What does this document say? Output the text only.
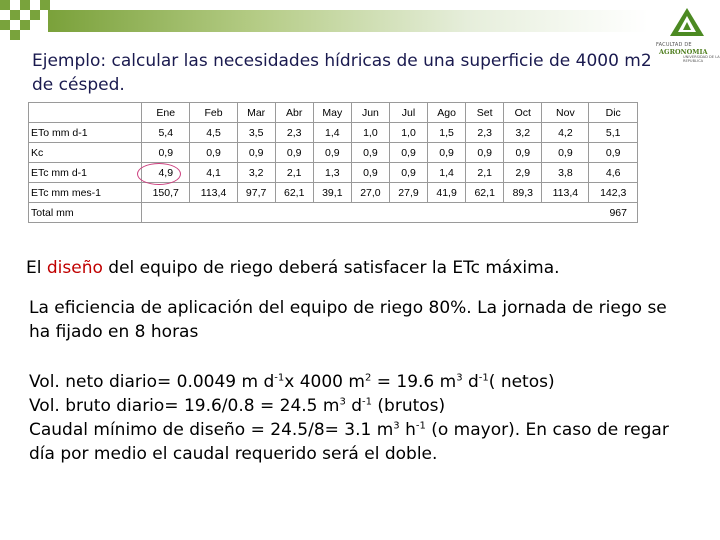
FACULTAD DE
AGRONOMIA
UNIVERSIDAD DE LA REPUBLICA
Ejemplo: calcular las necesidades hídricas de una superficie de 4000 m2 de césped.
	Ene	Feb	Mar	Abr	May	Jun	Jul	Ago	Set	Oct	Nov	Dic
ETo mm d-1	5,4	4,5	3,5	2,3	1,4	1,0	1,0	1,5	2,3	3,2	4,2	5,1
Kc	0,9	0,9	0,9	0,9	0,9	0,9	0,9	0,9	0,9	0,9	0,9	0,9
ETc mm d-1	4,9	4,1	3,2	2,1	1,3	0,9	0,9	1,4	2,1	2,9	3,8	4,6
ETc mm mes-1	150,7	113,4	97,7	62,1	39,1	27,0	27,9	41,9	62,1	89,3	113,4	142,3
Total mm	967											
El diseño del equipo de riego deberá satisfacer la ETc máxima.
La eficiencia de aplicación del equipo de riego 80%. La jornada de riego se ha fijado en 8 horas
Vol. neto diario= 0.0049 m $d^{-1}x$ 4000 $m^2 = 19.6$ $m^3$ $d^{-1}$( netos)
Vol. bruto diario= 19.6/0.8 = 24.5 $m^3$ $d^{-1}$ (brutos)
Caudal mínimo de diseño = 24.5/8= 3.1 $m^3$ $h^{-1}$ (o mayor). En caso de regar día por medio el caudal requerido será el doble.
